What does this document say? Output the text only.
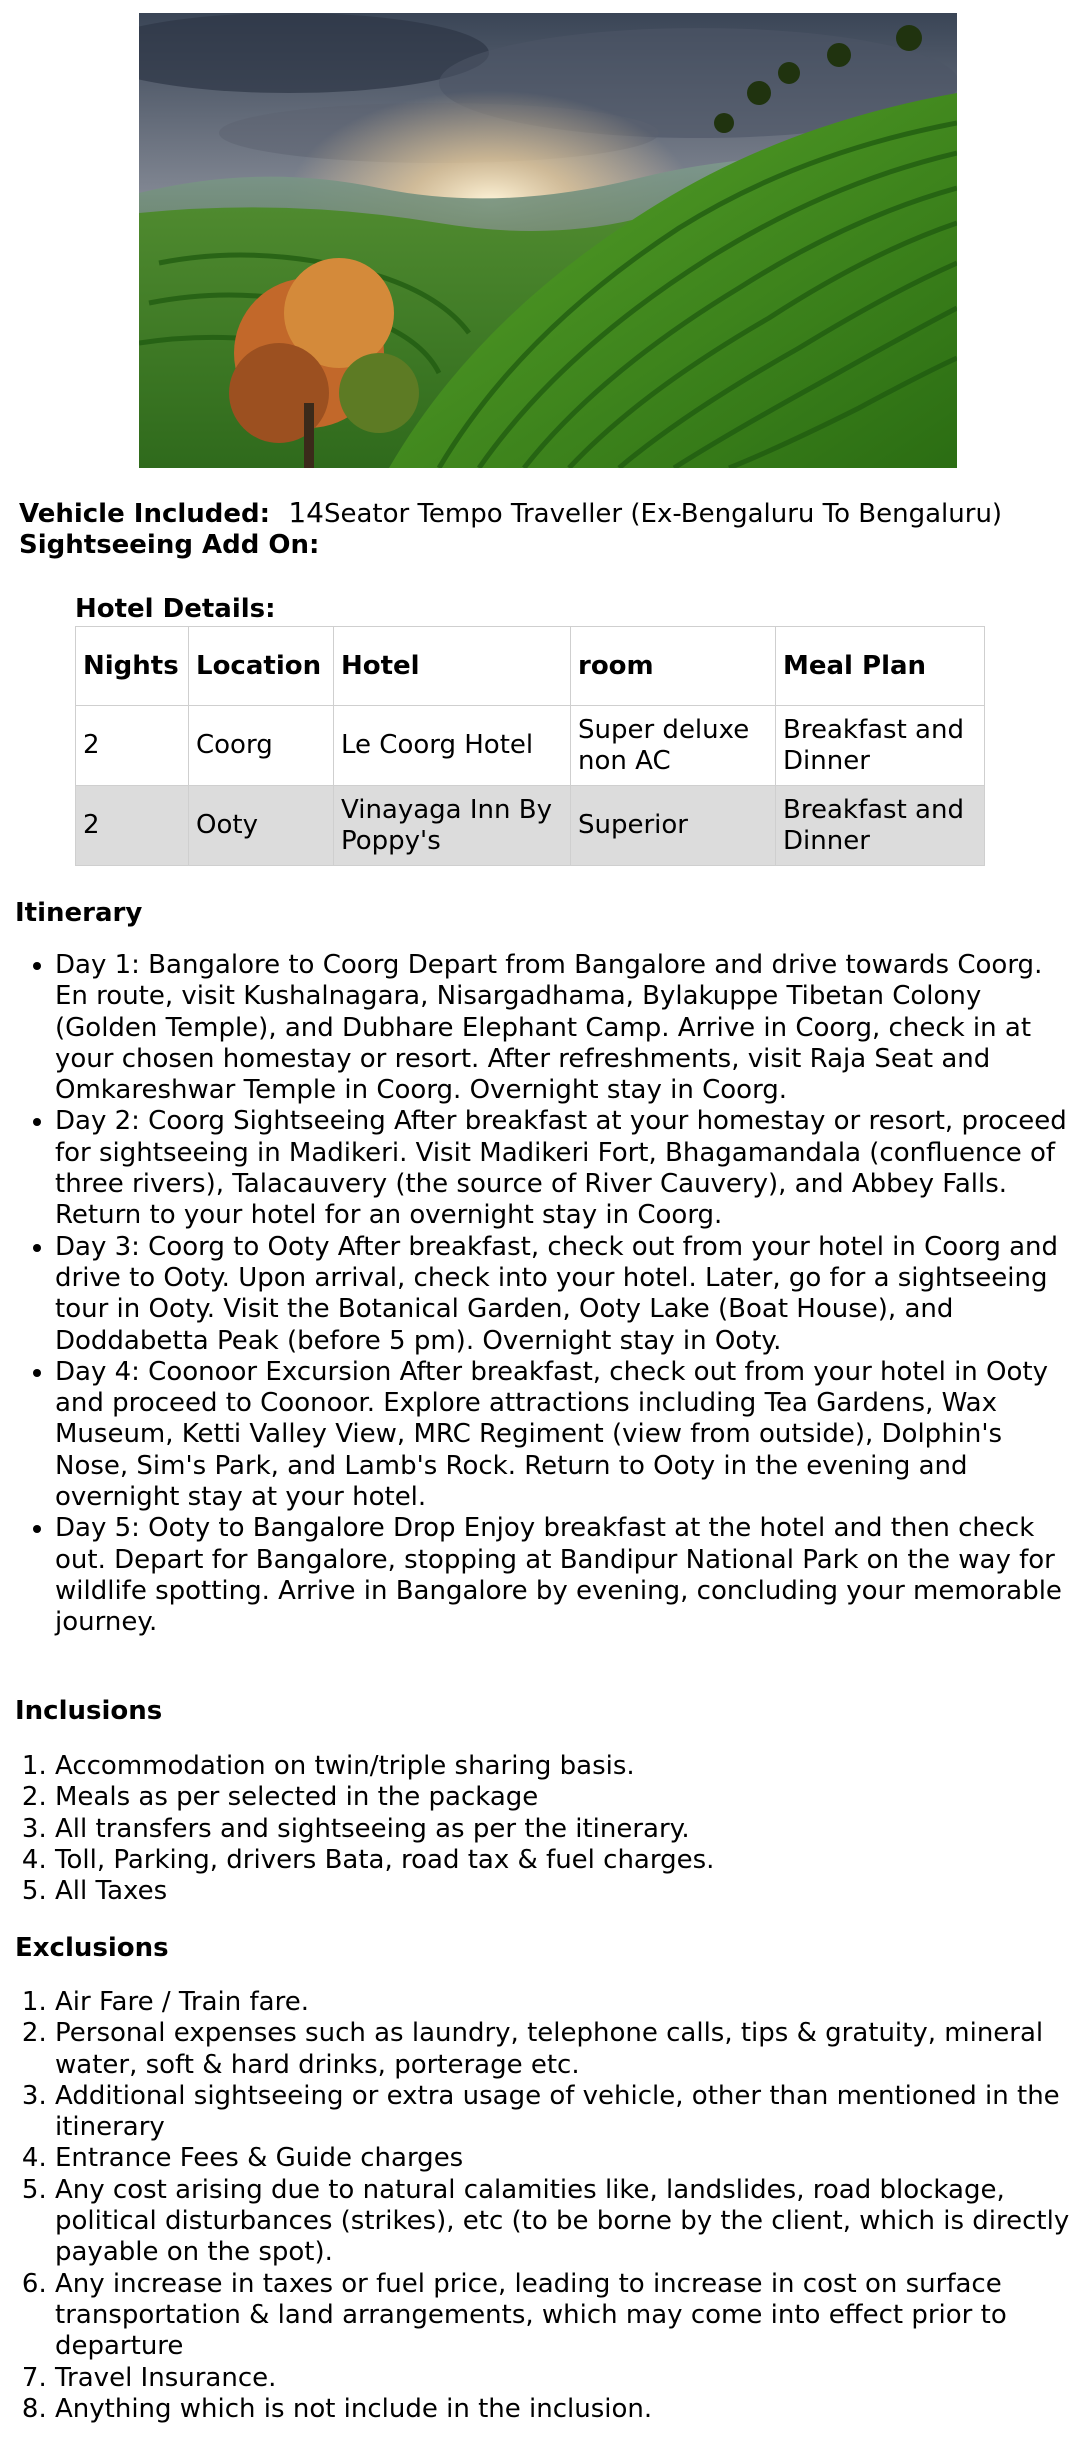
Vehicle Included: 14Seator Tempo Traveller (Ex-Bengaluru To Bengaluru)
Sightseeing Add On:
Hotel Details:
Nights	Location	Hotel	room	Meal Plan
2	Coorg	Le Coorg Hotel	Super deluxe non AC	Breakfast and Dinner
2	Ooty	Vinayaga Inn By Poppy's	Superior	Breakfast and Dinner
Itinerary
• Day 1: Bangalore to Coorg Depart from Bangalore and drive towards Coorg. En route, visit Kushalnagara, Nisargadhama, Bylakuppe Tibetan Colony (Golden Temple), and Dubhare Elephant Camp. Arrive in Coorg, check in at your chosen homestay or resort. After refreshments, visit Raja Seat and Omkareshwar Temple in Coorg. Overnight stay in Coorg.
• Day 2: Coorg Sightseeing After breakfast at your homestay or resort, proceed for sightseeing in Madikeri. Visit Madikeri Fort, Bhagamandala (confluence of three rivers), Talacauvery (the source of River Cauvery), and Abbey Falls. Return to your hotel for an overnight stay in Coorg.
• Day 3: Coorg to Ooty After breakfast, check out from your hotel in Coorg and drive to Ooty. Upon arrival, check into your hotel. Later, go for a sightseeing tour in Ooty. Visit the Botanical Garden, Ooty Lake (Boat House), and Doddabetta Peak (before 5 pm). Overnight stay in Ooty.
• Day 4: Coonoor Excursion After breakfast, check out from your hotel in Ooty and proceed to Coonoor. Explore attractions including Tea Gardens, Wax Museum, Ketti Valley View, MRC Regiment (view from outside), Dolphin's Nose, Sim's Park, and Lamb's Rock. Return to Ooty in the evening and overnight stay at your hotel.
• Day 5: Ooty to Bangalore Drop Enjoy breakfast at the hotel and then check out. Depart for Bangalore, stopping at Bandipur National Park on the way for wildlife spotting. Arrive in Bangalore by evening, concluding your memorable journey.
Inclusions
1. Accommodation on twin/triple sharing basis.
2. Meals as per selected in the package
3. All transfers and sightseeing as per the itinerary.
4. Toll, Parking, drivers Bata, road tax & fuel charges.
5. All Taxes
Exclusions
1. Air Fare / Train fare.
2. Personal expenses such as laundry, telephone calls, tips & gratuity, mineral water, soft & hard drinks, porterage etc.
3. Additional sightseeing or extra usage of vehicle, other than mentioned in the itinerary
4. Entrance Fees & Guide charges
5. Any cost arising due to natural calamities like, landslides, road blockage, political disturbances (strikes), etc (to be borne by the client, which is directly payable on the spot).
6. Any increase in taxes or fuel price, leading to increase in cost on surface transportation & land arrangements, which may come into effect prior to departure
7. Travel Insurance.
8. Anything which is not include in the inclusion.
